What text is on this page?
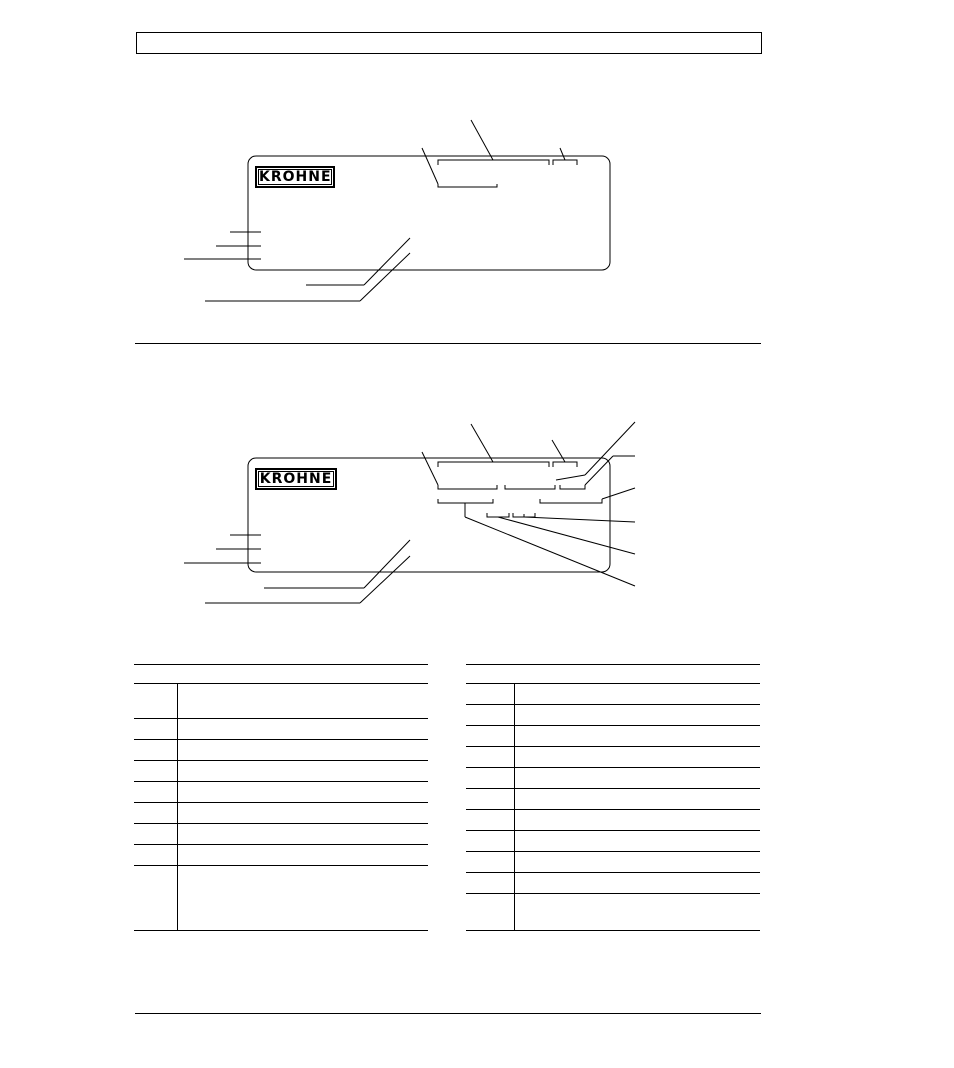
KROHNE
KROHNE
